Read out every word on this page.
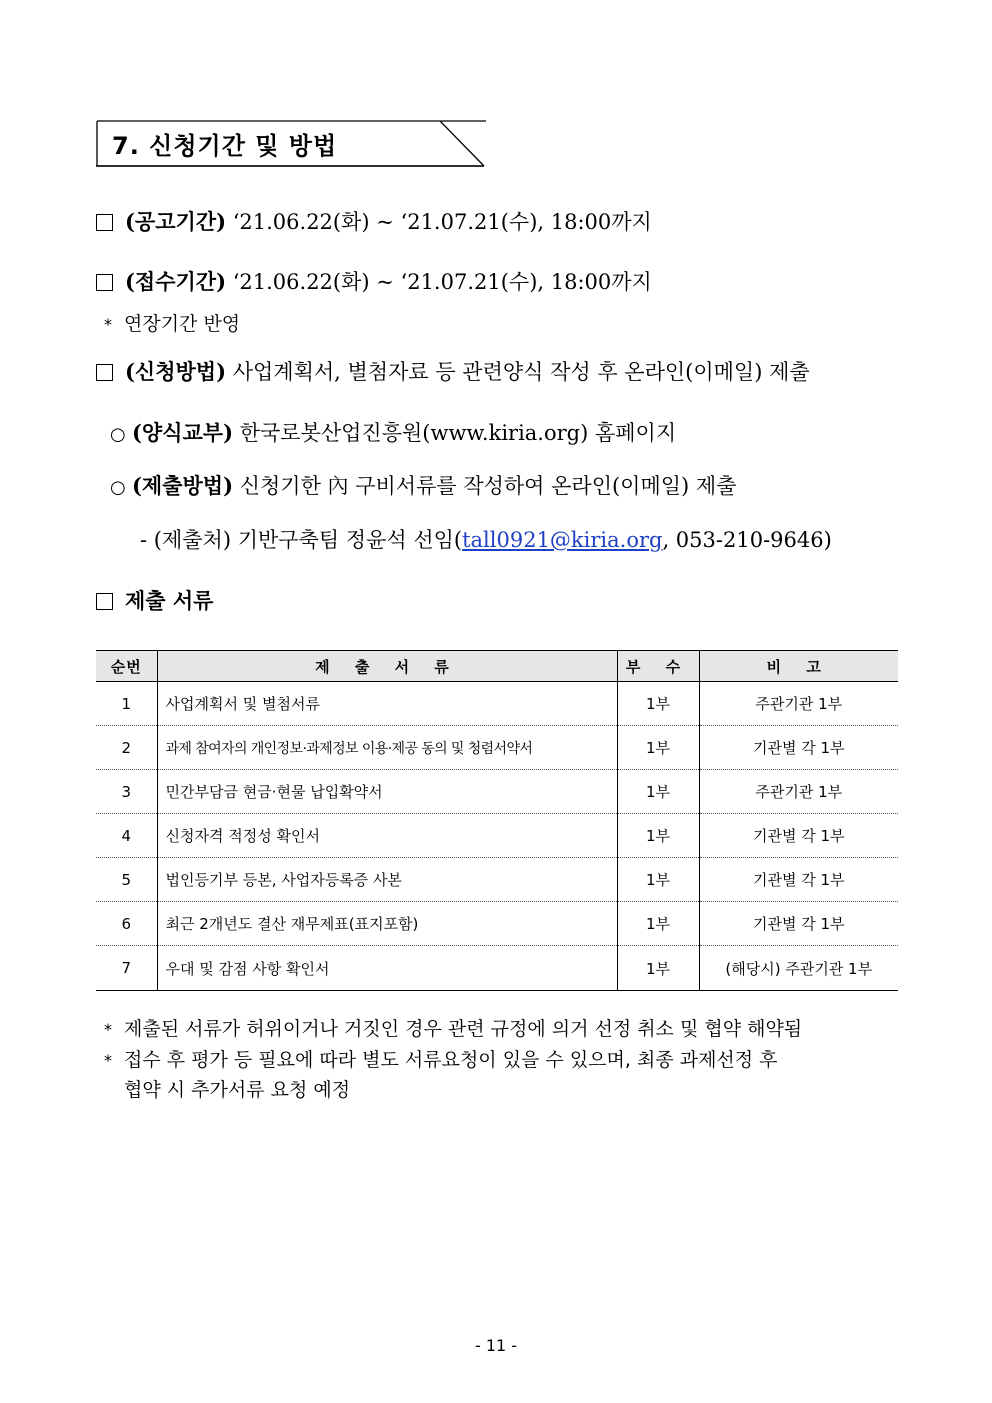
7. 신청기간 및 방법
(공고기간) ‘21.06.22(화) ~ ‘21.07.21(수), 18:00까지
(접수기간) ‘21.06.22(화) ~ ‘21.07.21(수), 18:00까지
* 연장기간 반영
(신청방법) 사업계획서, 별첨자료 등 관련양식 작성 후 온라인(이메일) 제출
○ (양식교부) 한국로봇산업진흥원(www.kiria.org) 홈페이지
○ (제출방법) 신청기한 內 구비서류를 작성하여 온라인(이메일) 제출
- (제출처) 기반구축팀 정윤석 선임(tall0921@kiria.org, 053-210-9646)
제출 서류
순번	제 출 서 류	부 수	비 고
1	사업계획서 및 별첨서류	1부	주관기관 1부
2	과제 참여자의 개인정보·과제정보 이용·제공 동의 및 청렴서약서	1부	기관별 각 1부
3	민간부담금 현금·현물 납입확약서	1부	주관기관 1부
4	신청자격 적정성 확인서	1부	기관별 각 1부
5	법인등기부 등본, 사업자등록증 사본	1부	기관별 각 1부
6	최근 2개년도 결산 재무제표(표지포함)	1부	기관별 각 1부
7	우대 및 감점 사항 확인서	1부	(해당시) 주관기관 1부
* 제출된 서류가 허위이거나 거짓인 경우 관련 규정에 의거 선정 취소 및 협약 해약됨
* 접수 후 평가 등 필요에 따라 별도 서류요청이 있을 수 있으며, 최종 과제선정 후
협약 시 추가서류 요청 예정
- 11 -
